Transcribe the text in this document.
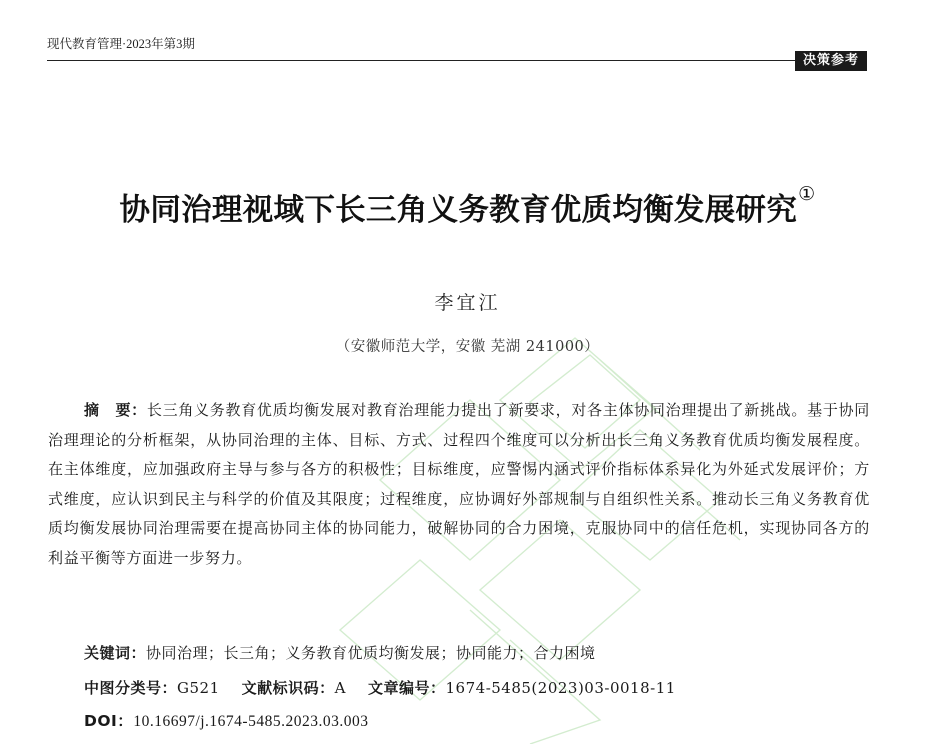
现代教育管理·2023年第3期
决策参考
协同治理视域下长三角义务教育优质均衡发展研究①
李宜江
（安徽师范大学，安徽 芜湖 241000）
摘　要：长三角义务教育优质均衡发展对教育治理能力提出了新要求，对各主体协同治理提出了新挑战。基于协同治理理论的分析框架，从协同治理的主体、目标、方式、过程四个维度可以分析出长三角义务教育优质均衡发展程度。在主体维度，应加强政府主导与参与各方的积极性；目标维度，应警惕内涵式评价指标体系异化为外延式发展评价；方式维度，应认识到民主与科学的价值及其限度；过程维度，应协调好外部规制与自组织性关系。推动长三角义务教育优质均衡发展协同治理需要在提高协同主体的协同能力，破解协同的合力困境，克服协同中的信任危机，实现协同各方的利益平衡等方面进一步努力。
关键词：协同治理；长三角；义务教育优质均衡发展；协同能力；合力困境
中图分类号：G521 文献标识码：A 文章编号：1674-5485(2023)03-0018-11
DOI：10.16697/j.1674-5485.2023.03.003
